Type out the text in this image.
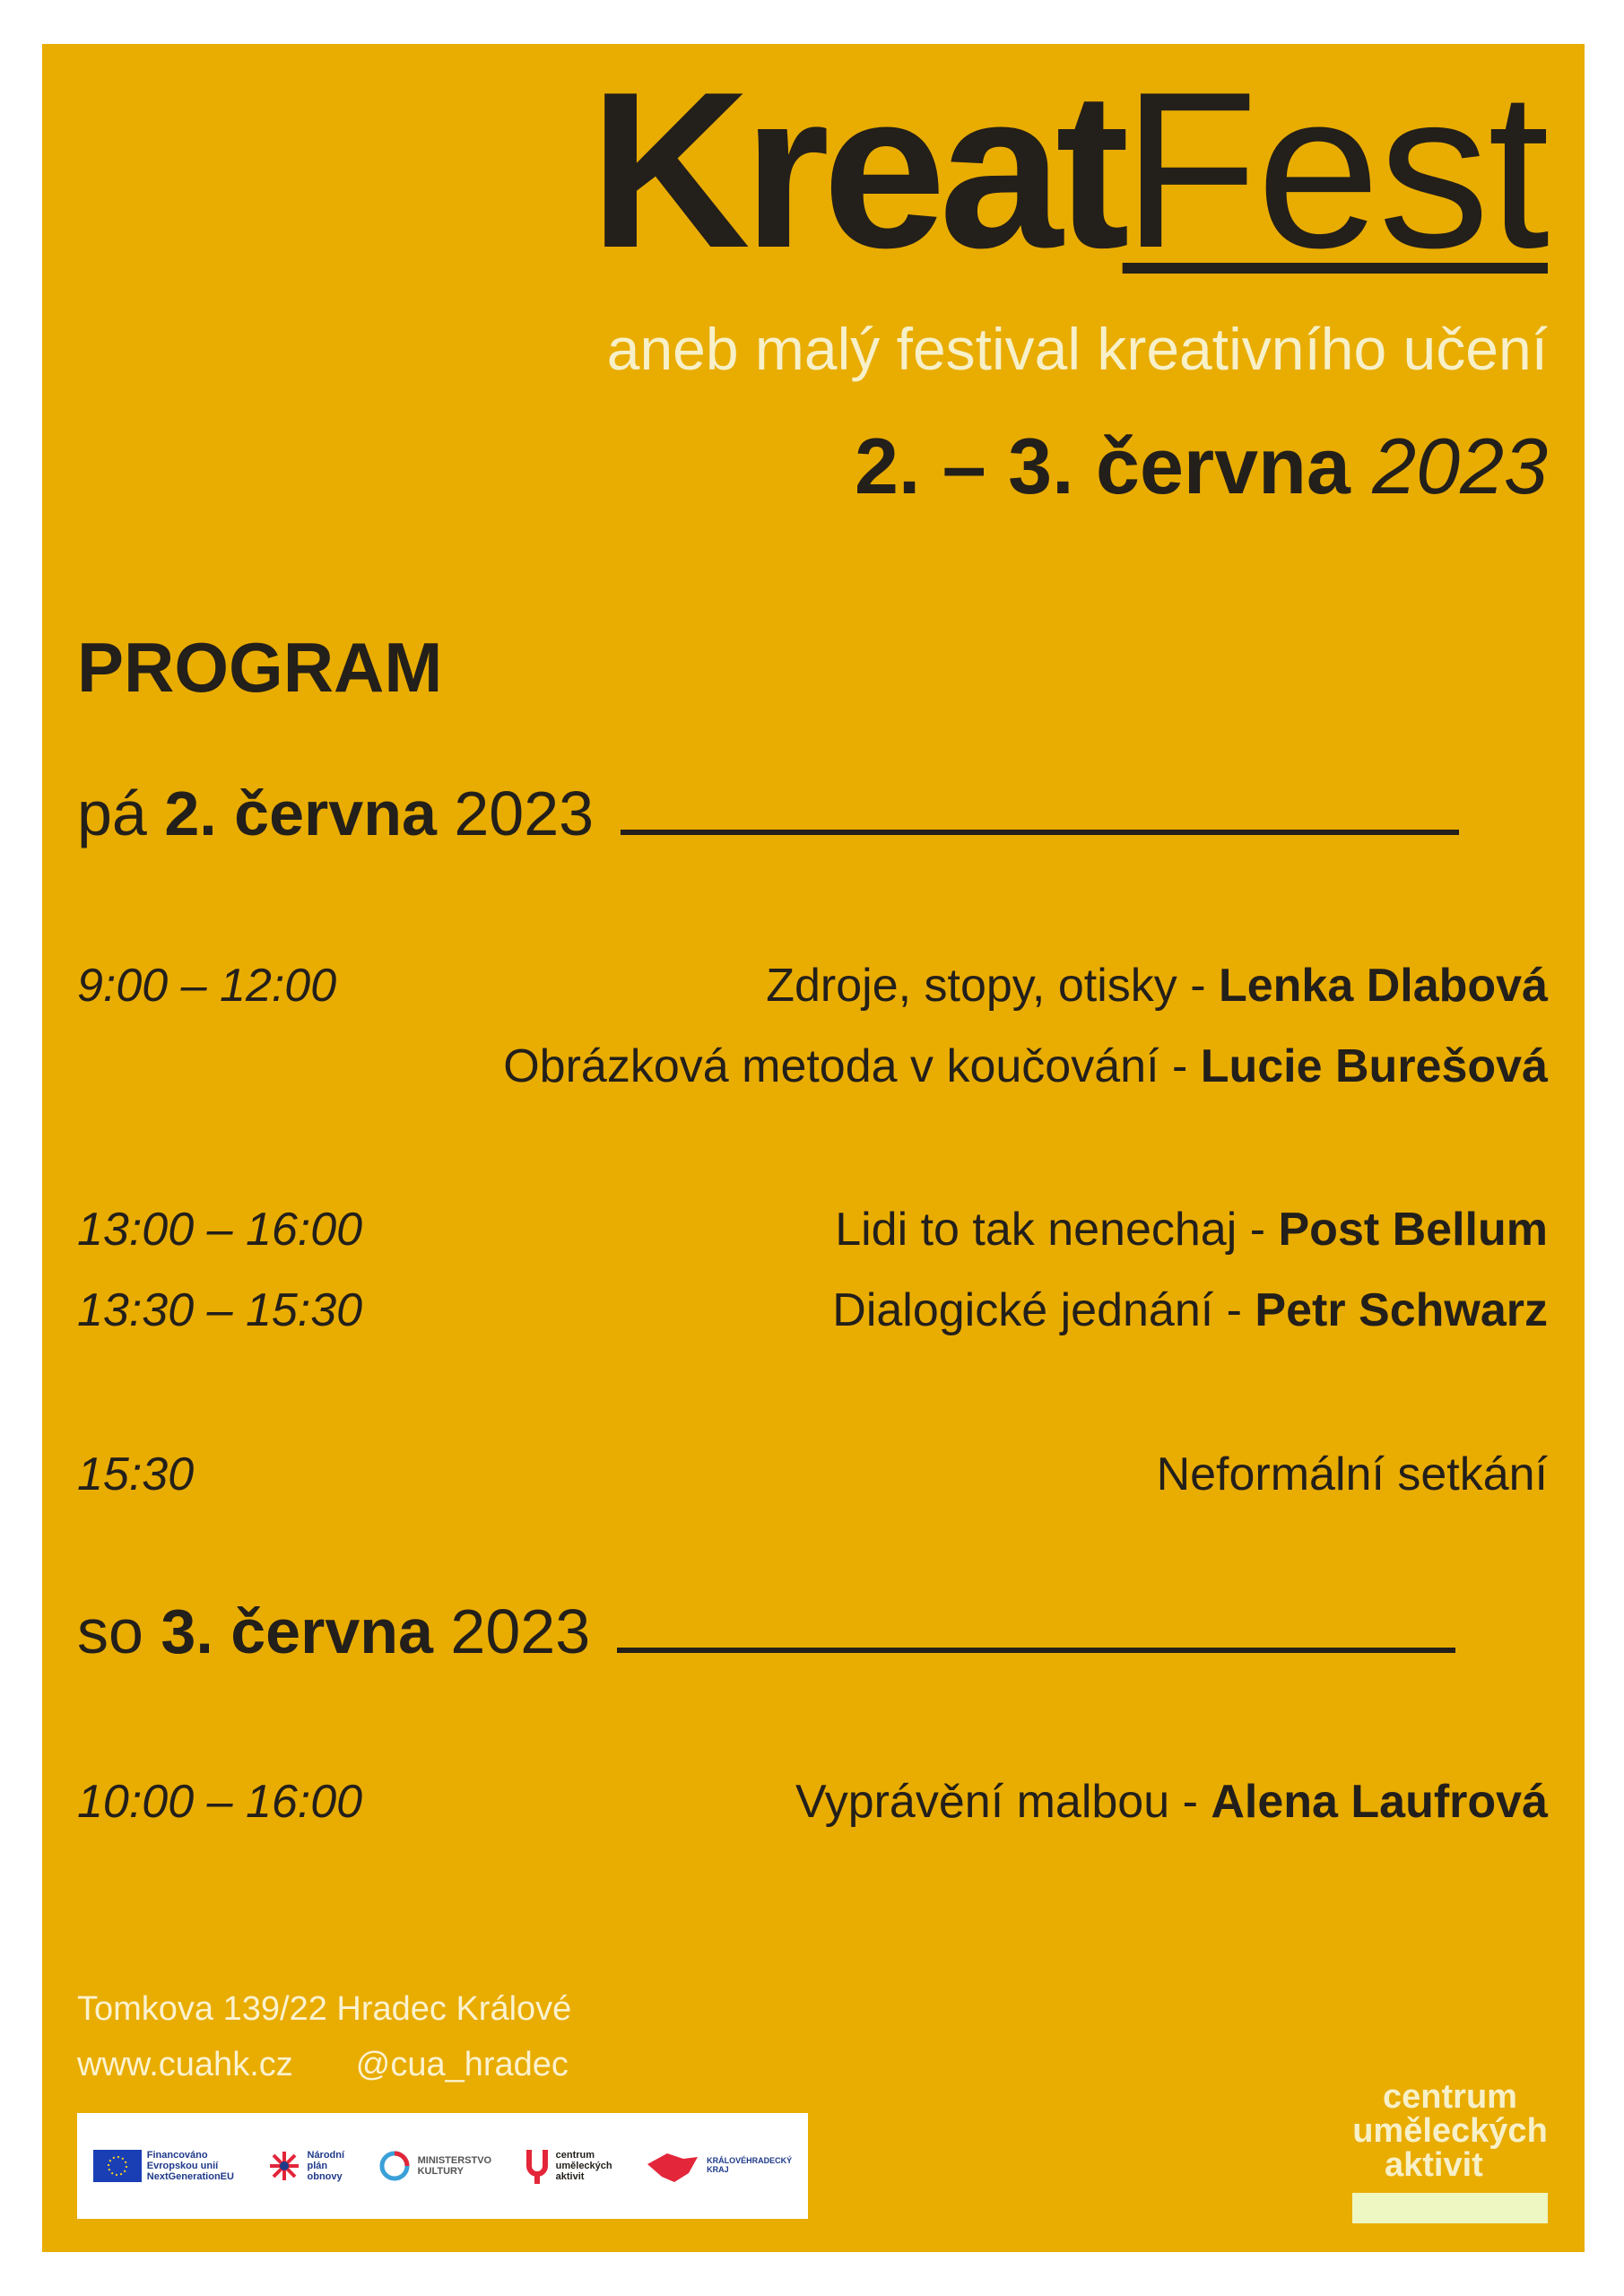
KreatFest
aneb malý festival kreativního učení
2. – 3. června 2023
PROGRAM
pá 2. června 2023
9:00 – 12:00	Zdroje, stopy, otisky - Lenka Dlabová
Obrázková metoda v koučování - Lucie Burešová
13:00 – 16:00	Lidi to tak nenechaj - Post Bellum
13:30 – 15:30	Dialogické jednání - Petr Schwarz
15:30	Neformální setkání
so 3. června 2023
10:00 – 16:00	Vyprávění malbou - Alena Laufrová
Tomkova 139/22 Hradec Králové
www.cuahk.cz @cua_hradec
Financováno
Evropskou unií
NextGenerationEU
Národní
plán
obnovy
MINISTERSTVO
KULTURY
centrum
uměleckých
aktivit
KRÁLOVÉHRADECKÝ
KRAJ
centrum
uměleckých
aktivit
